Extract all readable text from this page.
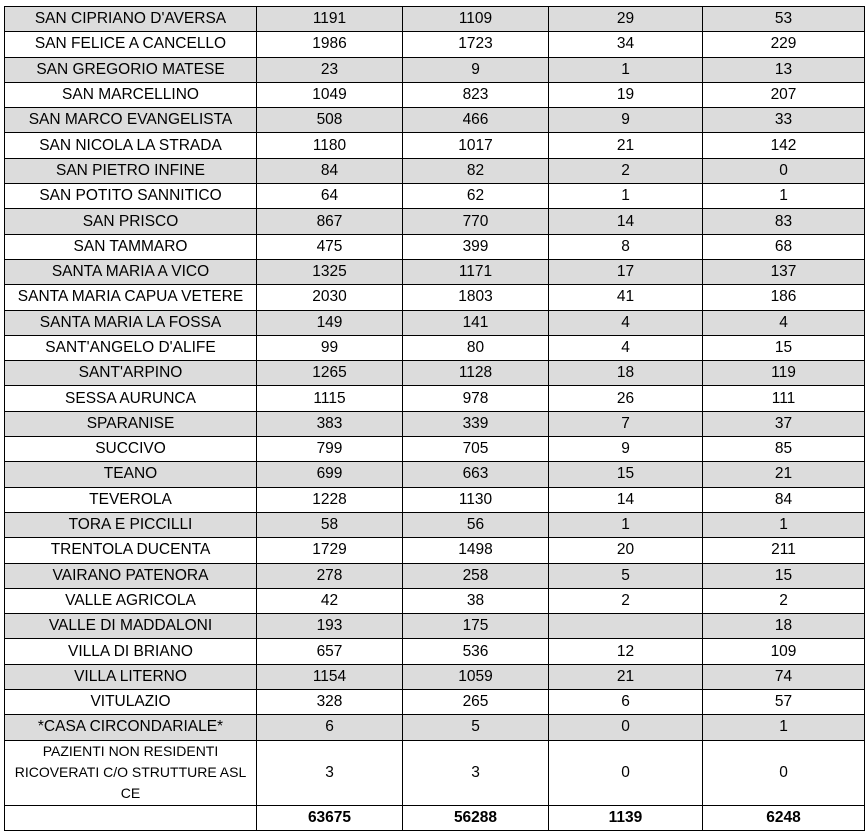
SAN CIPRIANO D'AVERSA	1191	1109	29	53
SAN FELICE A CANCELLO	1986	1723	34	229
SAN GREGORIO MATESE	23	9	1	13
SAN MARCELLINO	1049	823	19	207
SAN MARCO EVANGELISTA	508	466	9	33
SAN NICOLA LA STRADA	1180	1017	21	142
SAN PIETRO INFINE	84	82	2	0
SAN POTITO SANNITICO	64	62	1	1
SAN PRISCO	867	770	14	83
SAN TAMMARO	475	399	8	68
SANTA MARIA A VICO	1325	1171	17	137
SANTA MARIA CAPUA VETERE	2030	1803	41	186
SANTA MARIA LA FOSSA	149	141	4	4
SANT'ANGELO D'ALIFE	99	80	4	15
SANT'ARPINO	1265	1128	18	119
SESSA AURUNCA	1115	978	26	111
SPARANISE	383	339	7	37
SUCCIVO	799	705	9	85
TEANO	699	663	15	21
TEVEROLA	1228	1130	14	84
TORA E PICCILLI	58	56	1	1
TRENTOLA DUCENTA	1729	1498	20	211
VAIRANO PATENORA	278	258	5	15
VALLE AGRICOLA	42	38	2	2
VALLE DI MADDALONI	193	175		18
VILLA DI BRIANO	657	536	12	109
VILLA LITERNO	1154	1059	21	74
VITULAZIO	328	265	6	57
*CASA CIRCONDARIALE*	6	5	0	1
PAZIENTI NON RESIDENTI RICOVERATI C/O STRUTTURE ASL CE	3	3	0	0
	63675	56288	1139	6248
